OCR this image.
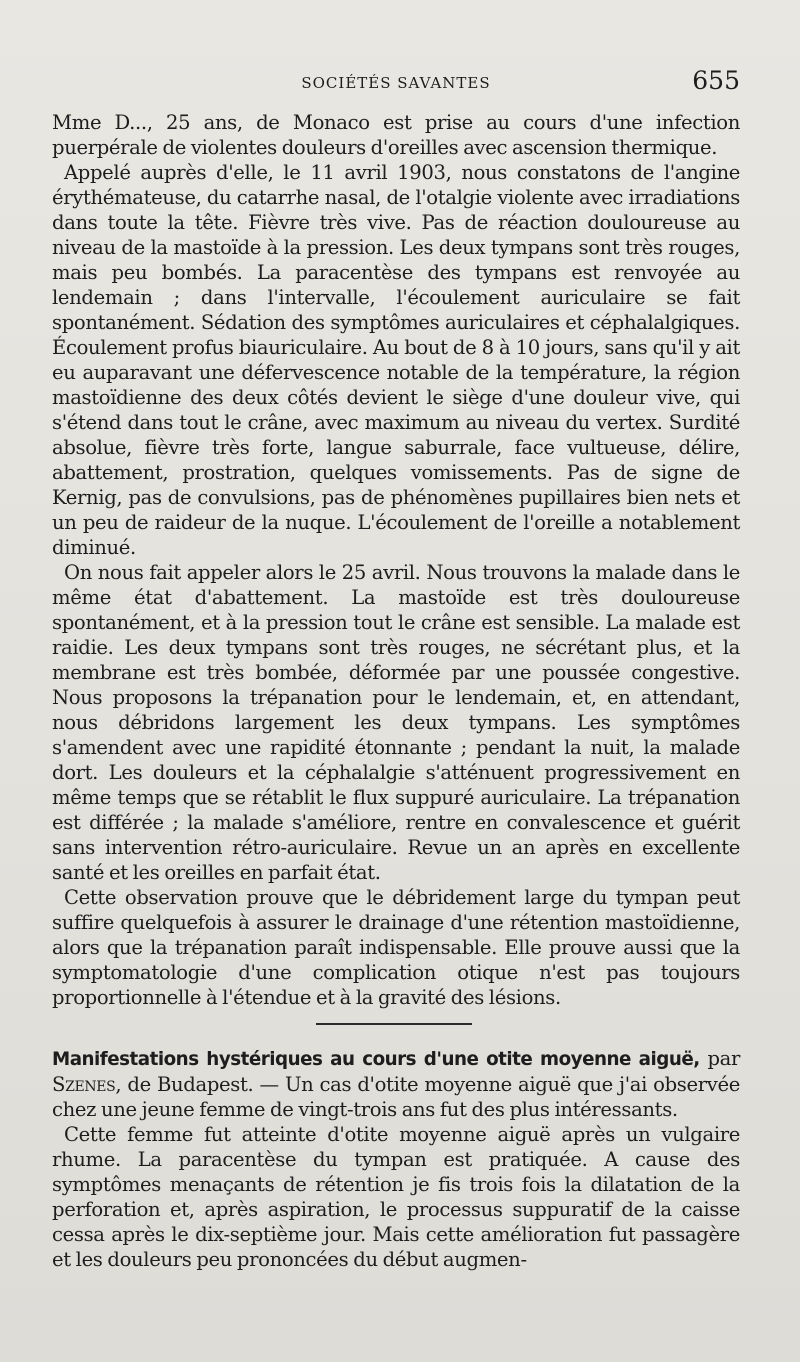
SOCIÉTÉS SAVANTES	655

Mme D..., 25 ans, de Monaco est prise au cours d'une infection puerpérale de violentes douleurs d'oreilles avec ascension thermique.

Appelé auprès d'elle, le 11 avril 1903, nous constatons de l'angine érythémateuse, du catarrhe nasal, de l'otalgie violente avec irradiations dans toute la tête. Fièvre très vive. Pas de réaction douloureuse au niveau de la mastoïde à la pression. Les deux tympans sont très rouges, mais peu bombés. La paracentèse des tympans est renvoyée au lendemain ; dans l'intervalle, l'écoulement auriculaire se fait spontanément. Sédation des symptômes auriculaires et céphalalgiques. Écoulement profus biauriculaire. Au bout de 8 à 10 jours, sans qu'il y ait eu auparavant une défervescence notable de la température, la région mastoïdienne des deux côtés devient le siège d'une douleur vive, qui s'étend dans tout le crâne, avec maximum au niveau du vertex. Surdité absolue, fièvre très forte, langue saburrale, face vultueuse, délire, abattement, prostration, quelques vomissements. Pas de signe de Kernig, pas de convulsions, pas de phénomènes pupillaires bien nets et un peu de raideur de la nuque. L'écoulement de l'oreille a notablement diminué.

On nous fait appeler alors le 25 avril. Nous trouvons la malade dans le même état d'abattement. La mastoïde est très douloureuse spontanément, et à la pression tout le crâne est sensible. La malade est raidie. Les deux tympans sont très rouges, ne sécrétant plus, et la membrane est très bombée, déformée par une poussée congestive. Nous proposons la trépanation pour le lendemain, et, en attendant, nous débridons largement les deux tympans. Les symptômes s'amendent avec une rapidité étonnante ; pendant la nuit, la malade dort. Les douleurs et la céphalalgie s'atténuent progressivement en même temps que se rétablit le flux suppuré auriculaire. La trépanation est différée ; la malade s'améliore, rentre en convalescence et guérit sans intervention rétro-auriculaire. Revue un an après en excellente santé et les oreilles en parfait état.

Cette observation prouve que le débridement large du tympan peut suffire quelquefois à assurer le drainage d'une rétention mastoïdienne, alors que la trépanation paraît indispensable. Elle prouve aussi que la symptomatologie d'une complication otique n'est pas toujours proportionnelle à l'étendue et à la gravité des lésions.

Manifestations hystériques au cours d'une otite moyenne aiguë, par Szenes, de Budapest. — Un cas d'otite moyenne aiguë que j'ai observée chez une jeune femme de vingt-trois ans fut des plus intéressants.

Cette femme fut atteinte d'otite moyenne aiguë après un vulgaire rhume. La paracentèse du tympan est pratiquée. A cause des symptômes menaçants de rétention je fis trois fois la dilatation de la perforation et, après aspiration, le processus suppuratif de la caisse cessa après le dix-septième jour. Mais cette amélioration fut passagère et les douleurs peu prononcées du début augmen-
